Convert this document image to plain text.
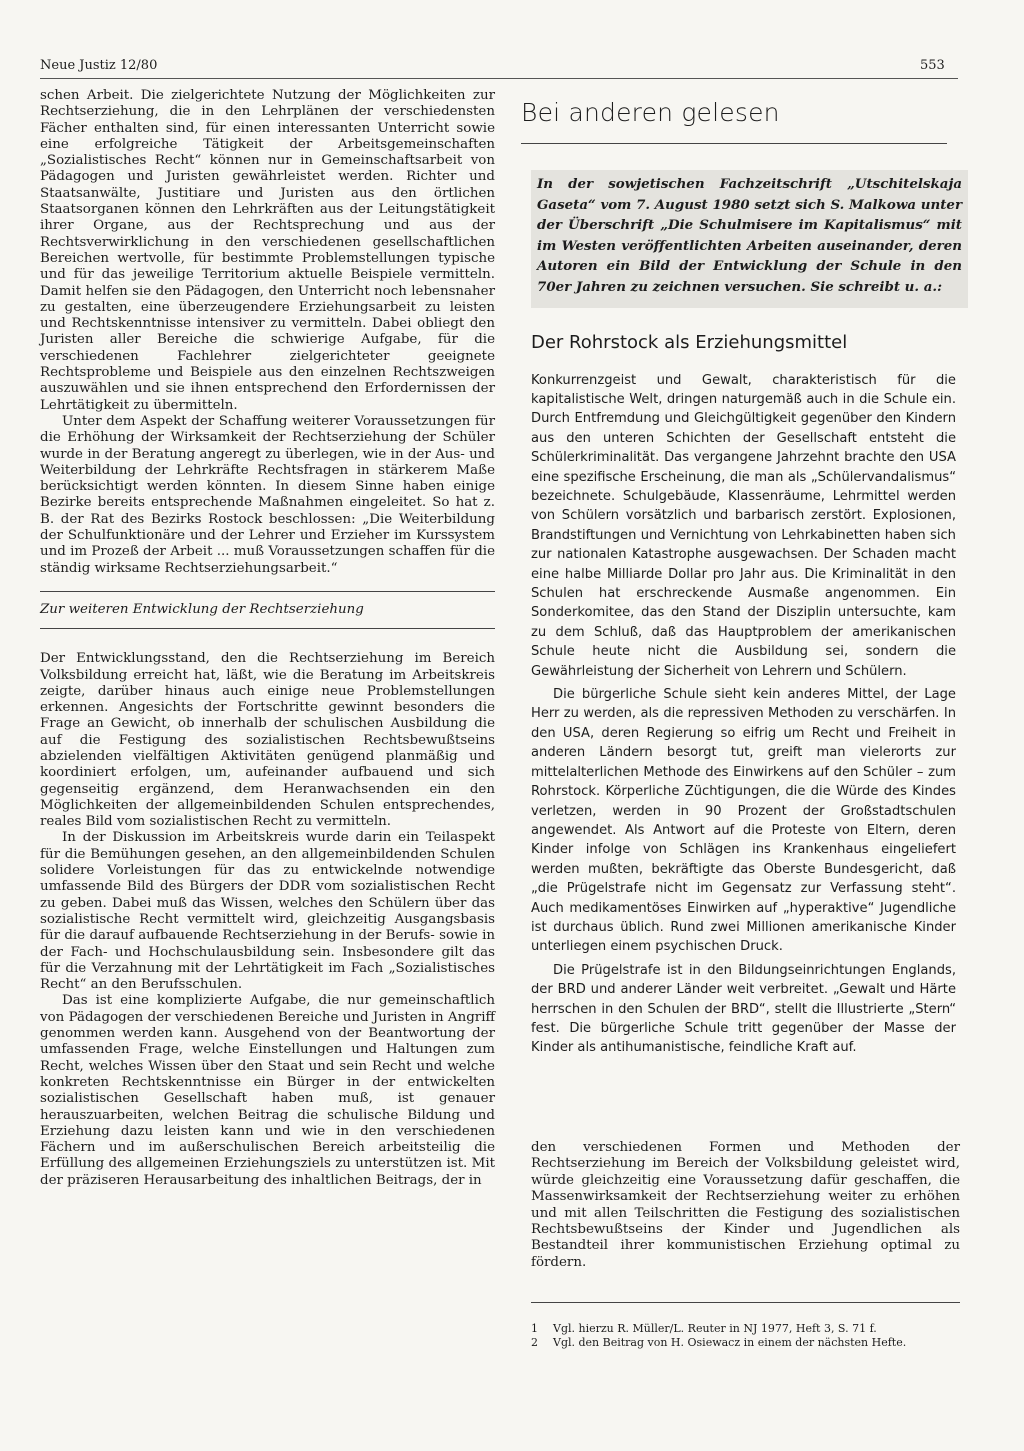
Neue Justiz 12/80	553

schen Arbeit. Die zielgerichtete Nutzung der Möglichkeiten zur Rechtserziehung, die in den Lehrplänen der verschiedensten Fächer enthalten sind, für einen interessanten Unterricht sowie eine erfolgreiche Tätigkeit der Arbeitsgemeinschaften „Sozialistisches Recht“ können nur in Gemeinschaftsarbeit von Pädagogen und Juristen gewährleistet werden. Richter und Staatsanwälte, Justitiare und Juristen aus den örtlichen Staatsorganen können den Lehrkräften aus der Leitungstätigkeit ihrer Organe, aus der Rechtsprechung und aus der Rechtsverwirklichung in den verschiedenen gesellschaftlichen Bereichen wertvolle, für bestimmte Problemstellungen typische und für das jeweilige Territorium aktuelle Beispiele vermitteln. Damit helfen sie den Pädagogen, den Unterricht noch lebensnaher zu gestalten, eine überzeugendere Erziehungsarbeit zu leisten und Rechtskenntnisse intensiver zu vermitteln. Dabei obliegt den Juristen aller Bereiche die schwierige Aufgabe, für die verschiedenen Fachlehrer zielgerichteter geeignete Rechtsprobleme und Beispiele aus den einzelnen Rechtszweigen auszuwählen und sie ihnen entsprechend den Erfordernissen der Lehrtätigkeit zu übermitteln.

Unter dem Aspekt der Schaffung weiterer Voraussetzungen für die Erhöhung der Wirksamkeit der Rechtserziehung der Schüler wurde in der Beratung angeregt zu überlegen, wie in der Aus- und Weiterbildung der Lehrkräfte Rechtsfragen in stärkerem Maße berücksichtigt werden könnten. In diesem Sinne haben einige Bezirke bereits entsprechende Maßnahmen eingeleitet. So hat z. B. der Rat des Bezirks Rostock beschlossen: „Die Weiterbildung der Schulfunktionäre und der Lehrer und Erzieher im Kurssystem und im Prozeß der Arbeit ... muß Voraussetzungen schaffen für die ständig wirksame Rechtserziehungsarbeit.“

Zur weiteren Entwicklung der Rechtserziehung

Der Entwicklungsstand, den die Rechtserziehung im Bereich Volksbildung erreicht hat, läßt, wie die Beratung im Arbeitskreis zeigte, darüber hinaus auch einige neue Problemstellungen erkennen. Angesichts der Fortschritte gewinnt besonders die Frage an Gewicht, ob innerhalb der schulischen Ausbildung die auf die Festigung des sozialistischen Rechtsbewußtseins abzielenden vielfältigen Aktivitäten genügend planmäßig und koordiniert erfolgen, um, aufeinander aufbauend und sich gegenseitig ergänzend, dem Heranwachsenden ein den Möglichkeiten der allgemeinbildenden Schulen entsprechendes, reales Bild vom sozialistischen Recht zu vermitteln.

In der Diskussion im Arbeitskreis wurde darin ein Teilaspekt für die Bemühungen gesehen, an den allgemeinbildenden Schulen solidere Vorleistungen für das zu entwickelnde notwendige umfassende Bild des Bürgers der DDR vom sozialistischen Recht zu geben. Dabei muß das Wissen, welches den Schülern über das sozialistische Recht vermittelt wird, gleichzeitig Ausgangsbasis für die darauf aufbauende Rechtserziehung in der Berufs- sowie in der Fach- und Hochschulausbildung sein. Insbesondere gilt das für die Verzahnung mit der Lehrtätigkeit im Fach „Sozialistisches Recht“ an den Berufsschulen.

Das ist eine komplizierte Aufgabe, die nur gemeinschaftlich von Pädagogen der verschiedenen Bereiche und Juristen in Angriff genommen werden kann. Ausgehend von der Beantwortung der umfassenden Frage, welche Einstellungen und Haltungen zum Recht, welches Wissen über den Staat und sein Recht und welche konkreten Rechtskenntnisse ein Bürger in der entwickelten sozialistischen Gesellschaft haben muß, ist genauer herauszuarbeiten, welchen Beitrag die schulische Bildung und Erziehung dazu leisten kann und wie in den verschiedenen Fächern und im außerschulischen Bereich arbeitsteilig die Erfüllung des allgemeinen Erziehungsziels zu unterstützen ist. Mit der präziseren Herausarbeitung des inhaltlichen Beitrags, der in

Bei anderen gelesen
In der sowjetischen Fachzeitschrift „Utschitelskaja Gaseta“ vom 7. August 1980 setzt sich S. Malkowa unter der Überschrift „Die Schulmisere im Kapitalismus“ mit im Westen veröffentlichten Arbeiten auseinander, deren Autoren ein Bild der Entwicklung der Schule in den 70er Jahren zu zeichnen versuchen. Sie schreibt u. a.:
Der Rohrstock als Erziehungsmittel

Konkurrenzgeist und Gewalt, charakteristisch für die kapitalistische Welt, dringen naturgemäß auch in die Schule ein. Durch Entfremdung und Gleichgültigkeit gegenüber den Kindern aus den unteren Schichten der Gesellschaft entsteht die Schülerkriminalität. Das vergangene Jahrzehnt brachte den USA eine spezifische Erscheinung, die man als „Schülervandalismus“ bezeichnete. Schulgebäude, Klassenräume, Lehrmittel werden von Schülern vorsätzlich und barbarisch zerstört. Explosionen, Brandstiftungen und Vernichtung von Lehrkabinetten haben sich zur nationalen Katastrophe ausgewachsen. Der Schaden macht eine halbe Milliarde Dollar pro Jahr aus. Die Kriminalität in den Schulen hat erschreckende Ausmaße angenommen. Ein Sonderkomitee, das den Stand der Disziplin untersuchte, kam zu dem Schluß, daß das Hauptproblem der amerikanischen Schule heute nicht die Ausbildung sei, sondern die Gewährleistung der Sicherheit von Lehrern und Schülern.

Die bürgerliche Schule sieht kein anderes Mittel, der Lage Herr zu werden, als die repressiven Methoden zu verschärfen. In den USA, deren Regierung so eifrig um Recht und Freiheit in anderen Ländern besorgt tut, greift man vielerorts zur mittelalterlichen Methode des Einwirkens auf den Schüler – zum Rohrstock. Körperliche Züchtigungen, die die Würde des Kindes verletzen, werden in 90 Prozent der Großstadtschulen angewendet. Als Antwort auf die Proteste von Eltern, deren Kinder infolge von Schlägen ins Krankenhaus eingeliefert werden mußten, bekräftigte das Oberste Bundesgericht, daß „die Prügelstrafe nicht im Gegensatz zur Verfassung steht“. Auch medikamentöses Einwirken auf „hyperaktive“ Jugendliche ist durchaus üblich. Rund zwei Millionen amerikanische Kinder unterliegen einem psychischen Druck.

Die Prügelstrafe ist in den Bildungseinrichtungen Englands, der BRD und anderer Länder weit verbreitet. „Gewalt und Härte herrschen in den Schulen der BRD“, stellt die Illustrierte „Stern“ fest. Die bürgerliche Schule tritt gegenüber der Masse der Kinder als antihumanistische, feindliche Kraft auf.

den verschiedenen Formen und Methoden der Rechtserziehung im Bereich der Volksbildung geleistet wird, würde gleichzeitig eine Voraussetzung dafür geschaffen, die Massenwirksamkeit der Rechtserziehung weiter zu erhöhen und mit allen Teilschritten die Festigung des sozialistischen Rechtsbewußtseins der Kinder und Jugendlichen als Bestandteil ihrer kommunistischen Erziehung optimal zu fördern.

1 Vgl. hierzu R. Müller/L. Reuter in NJ 1977, Heft 3, S. 71 f.

2 Vgl. den Beitrag von H. Osiewacz in einem der nächsten Hefte.
